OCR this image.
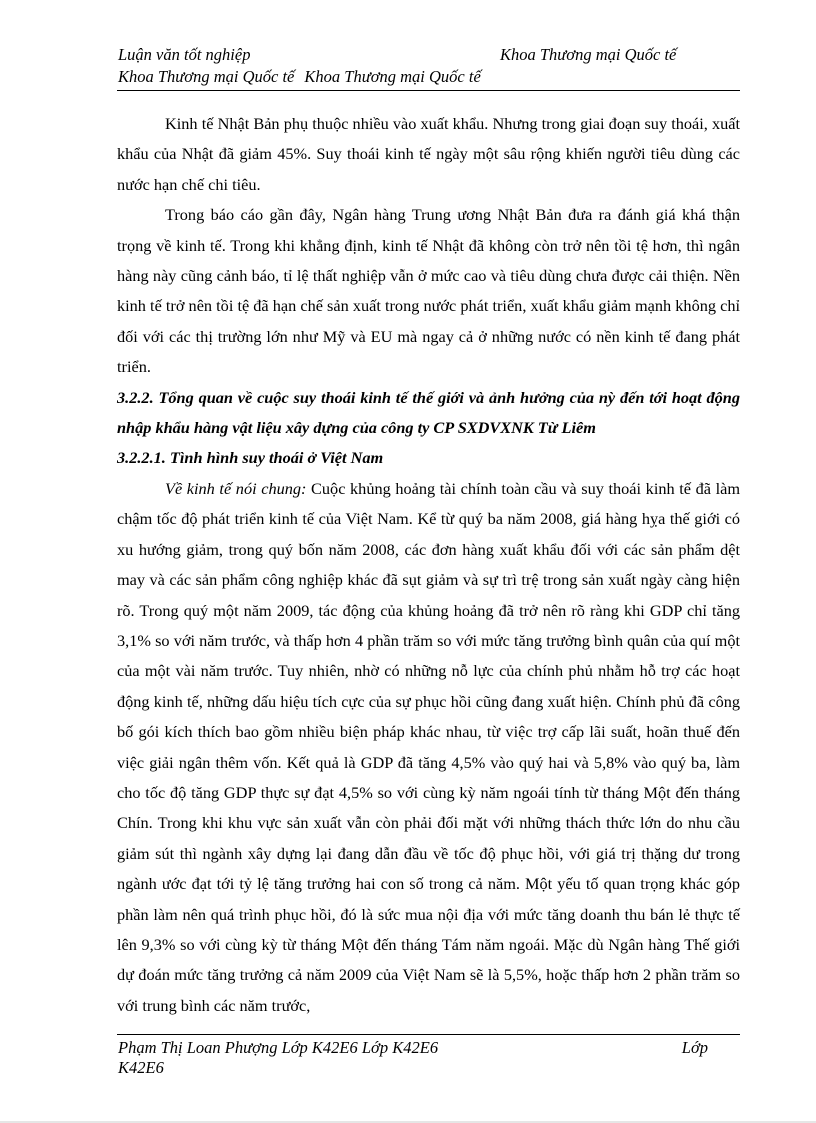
Luận văn tốt nghiệp	Khoa Thương mại Quốc tế
Khoa Thương mại Quốc tế Khoa Thương mại Quốc tế

Kinh tế Nhật Bản phụ thuộc nhiều vào xuất khẩu. Nhưng trong giai đoạn suy thoái, xuất khẩu của Nhật đã giảm 45%. Suy thoái kinh tế ngày một sâu rộng khiến người tiêu dùng các nước hạn chế chi tiêu.

Trong báo cáo gần đây, Ngân hàng Trung ương Nhật Bản đưa ra đánh giá khá thận trọng về kinh tế. Trong khi khẳng định, kinh tế Nhật đã không còn trở nên tồi tệ hơn, thì ngân hàng này cũng cảnh báo, tỉ lệ thất nghiệp vẫn ở mức cao và tiêu dùng chưa được cải thiện. Nền kinh tế trở nên tồi tệ đã hạn chế sản xuất trong nước phát triển, xuất khẩu giảm mạnh không chỉ đối với các thị trường lớn như Mỹ và EU mà ngay cả ở những nước có nền kinh tế đang phát triển.

3.2.2. Tổng quan về cuộc suy thoái kinh tế thế giới và ảnh hưởng của nỳ đến tới hoạt động nhập khẩu hàng vật liệu xây dựng của công ty CP SXDVXNK Từ Liêm

3.2.2.1. Tình hình suy thoái ở Việt Nam

Về kinh tế nói chung: Cuộc khủng hoảng tài chính toàn cầu và suy thoái kinh tế đã làm chậm tốc độ phát triển kinh tế của Việt Nam. Kể từ quý ba năm 2008, giá hàng hỵa thế giới có xu hướng giảm, trong quý bốn năm 2008, các đơn hàng xuất khẩu đối với các sản phẩm dệt may và các sản phẩm công nghiệp khác đã sụt giảm và sự trì trệ trong sản xuất ngày càng hiện rõ. Trong quý một năm 2009, tác động của khủng hoảng đã trở nên rõ ràng khi GDP chỉ tăng 3,1% so với năm trước, và thấp hơn 4 phần trăm so với mức tăng trưởng bình quân của quí một của một vài năm trước. Tuy nhiên, nhờ có những nỗ lực của chính phủ nhằm hỗ trợ các hoạt động kinh tế, những dấu hiệu tích cực của sự phục hồi cũng đang xuất hiện. Chính phủ đã công bố gói kích thích bao gồm nhiều biện pháp khác nhau, từ việc trợ cấp lãi suất, hoãn thuế đến việc giải ngân thêm vốn. Kết quả là GDP đã tăng 4,5% vào quý hai và 5,8% vào quý ba, làm cho tốc độ tăng GDP thực sự đạt 4,5% so với cùng kỳ năm ngoái tính từ tháng Một đến tháng Chín. Trong khi khu vực sản xuất vẫn còn phải đối mặt với những thách thức lớn do nhu cầu giảm sút thì ngành xây dựng lại đang dẫn đầu về tốc độ phục hồi, với giá trị thặng dư trong ngành ước đạt tới tỷ lệ tăng trưởng hai con số trong cả năm. Một yếu tố quan trọng khác góp phần làm nên quá trình phục hồi, đó là sức mua nội địa với mức tăng doanh thu bán lẻ thực tế lên 9,3% so với cùng kỳ từ tháng Một đến tháng Tám năm ngoái. Mặc dù Ngân hàng Thế giới dự đoán mức tăng trưởng cả năm 2009 của Việt Nam sẽ là 5,5%, hoặc thấp hơn 2 phần trăm so với trung bình các năm trước,

Phạm Thị Loan Phượng Lớp K42E6 Lớp K42E6	Lớp
K42E6
